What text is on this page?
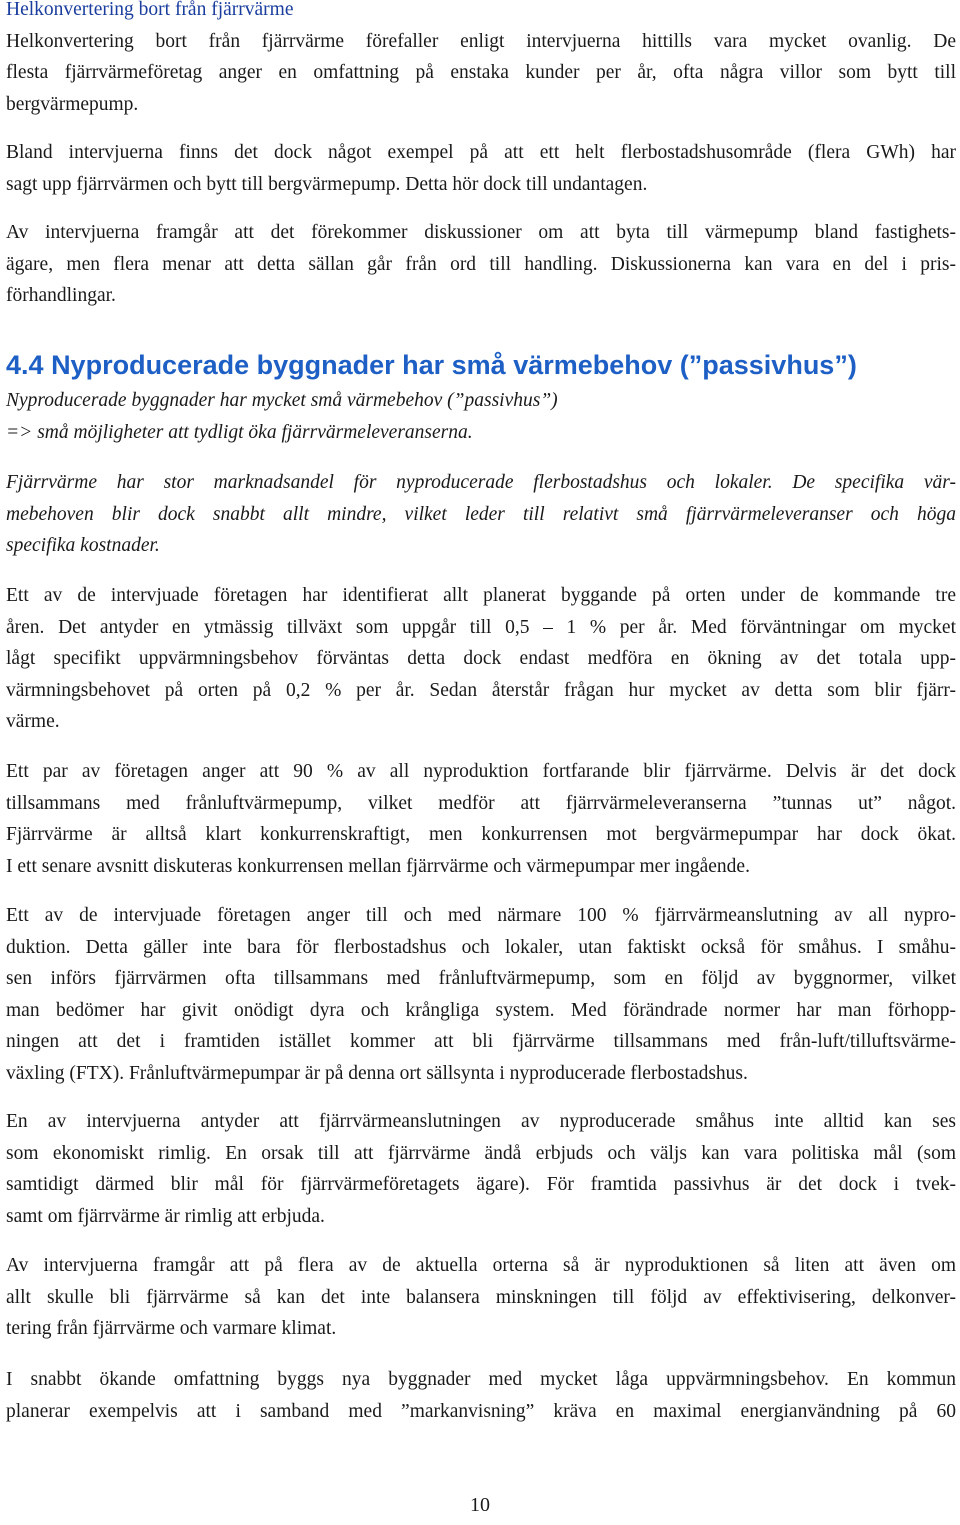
Helkonvertering bort från fjärrvärme
Helkonvertering bort från fjärrvärme förefaller enligt intervjuerna hittills vara mycket ovanlig. De
flesta fjärrvärmeföretag anger en omfattning på enstaka kunder per år, ofta några villor som bytt till
bergvärmepump.
Bland intervjuerna finns det dock något exempel på att ett helt flerbostadshusområde (flera GWh) har
sagt upp fjärrvärmen och bytt till bergvärmepump. Detta hör dock till undantagen.
Av intervjuerna framgår att det förekommer diskussioner om att byta till värmepump bland fastighets-
ägare, men flera menar att detta sällan går från ord till handling. Diskussionerna kan vara en del i pris-
förhandlingar.
4.4 Nyproducerade byggnader har små värmebehov (”passivhus”)
Nyproducerade byggnader har mycket små värmebehov (”passivhus”)
=> små möjligheter att tydligt öka fjärrvärmeleveranserna.
Fjärrvärme har stor marknadsandel för nyproducerade flerbostadshus och lokaler. De specifika vär-
mebehoven blir dock snabbt allt mindre, vilket leder till relativt små fjärrvärmeleveranser och höga
specifika kostnader.
Ett av de intervjuade företagen har identifierat allt planerat byggande på orten under de kommande tre
åren. Det antyder en ytmässig tillväxt som uppgår till 0,5 – 1 % per år. Med förväntningar om mycket
lågt specifikt uppvärmningsbehov förväntas detta dock endast medföra en ökning av det totala upp-
värmningsbehovet på orten på 0,2 % per år. Sedan återstår frågan hur mycket av detta som blir fjärr-
värme.
Ett par av företagen anger att 90 % av all nyproduktion fortfarande blir fjärrvärme. Delvis är det dock
tillsammans med frånluftvärmepump, vilket medför att fjärrvärmeleveranserna ”tunnas ut” något.
Fjärrvärme är alltså klart konkurrenskraftigt, men konkurrensen mot bergvärmepumpar har dock ökat.
I ett senare avsnitt diskuteras konkurrensen mellan fjärrvärme och värmepumpar mer ingående.
Ett av de intervjuade företagen anger till och med närmare 100 % fjärrvärmeanslutning av all nypro-
duktion. Detta gäller inte bara för flerbostadshus och lokaler, utan faktiskt också för småhus. I småhu-
sen införs fjärrvärmen ofta tillsammans med frånluftvärmepump, som en följd av byggnormer, vilket
man bedömer har givit onödigt dyra och krångliga system. Med förändrade normer har man förhopp-
ningen att det i framtiden istället kommer att bli fjärrvärme tillsammans med från-luft/tilluftsvärme-
växling (FTX). Frånluftvärmepumpar är på denna ort sällsynta i nyproducerade flerbostadshus.
En av intervjuerna antyder att fjärrvärmeanslutningen av nyproducerade småhus inte alltid kan ses
som ekonomiskt rimlig. En orsak till att fjärrvärme ändå erbjuds och väljs kan vara politiska mål (som
samtidigt därmed blir mål för fjärrvärmeföretagets ägare). För framtida passivhus är det dock i tvek-
samt om fjärrvärme är rimlig att erbjuda.
Av intervjuerna framgår att på flera av de aktuella orterna så är nyproduktionen så liten att även om
allt skulle bli fjärrvärme så kan det inte balansera minskningen till följd av effektivisering, delkonver-
tering från fjärrvärme och varmare klimat.
I snabbt ökande omfattning byggs nya byggnader med mycket låga uppvärmningsbehov. En kommun
planerar exempelvis att i samband med ”markanvisning” kräva en maximal energianvändning på 60
10
